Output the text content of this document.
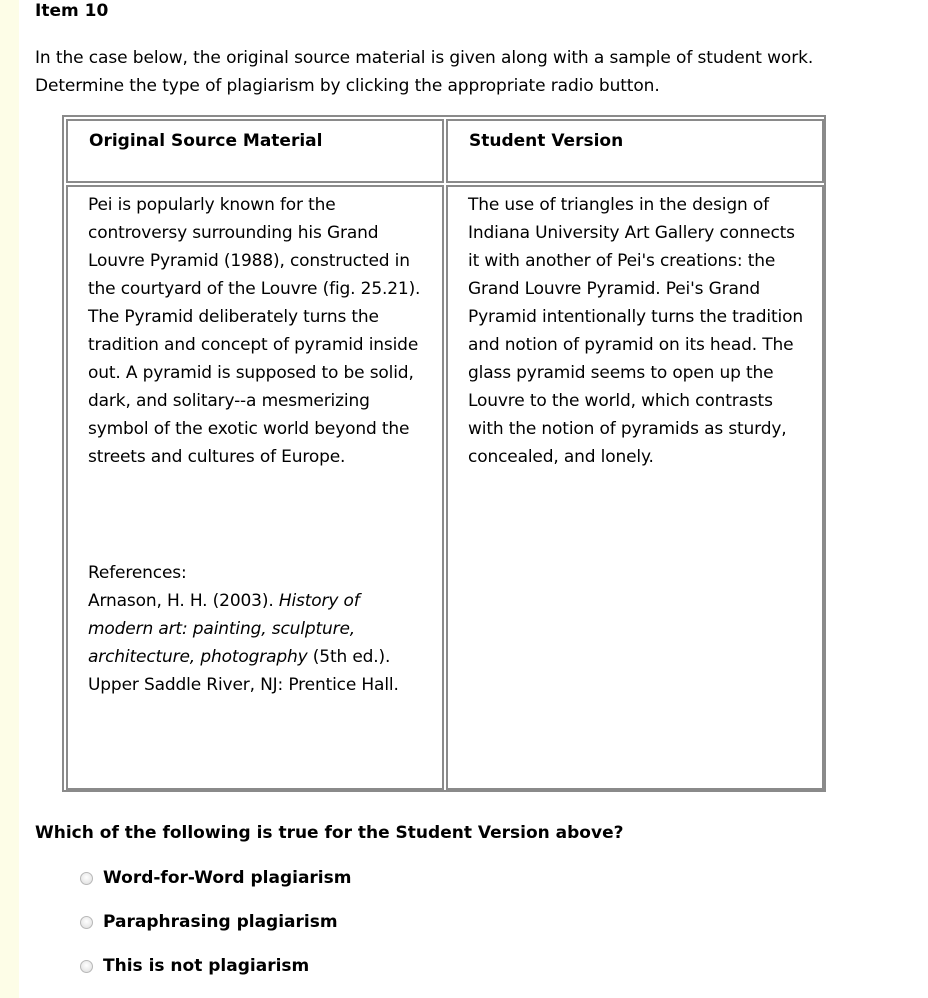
Item 10
In the case below, the original source material is given along with a sample of student work. Determine the type of plagiarism by clicking the appropriate radio button.
Original Source Material	Student Version

Pei is popularly known for the controversy surrounding his Grand Louvre Pyramid (1988), constructed in the courtyard of the Louvre (fig. 25.21). The Pyramid deliberately turns the tradition and concept of pyramid inside out. A pyramid is supposed to be solid, dark, and solitary--a mesmerizing symbol of the exotic world beyond the streets and cultures of Europe.

References:

Arnason, H. H. (2003). History of modern art: painting, sculpture, architecture, photography (5th ed.). Upper Saddle River, NJ: Prentice Hall.

The use of triangles in the design of Indiana University Art Gallery connects it with another of Pei's creations: the Grand Louvre Pyramid. Pei's Grand Pyramid intentionally turns the tradition and notion of pyramid on its head. The glass pyramid seems to open up the Louvre to the world, which contrasts with the notion of pyramids as sturdy, concealed, and lonely.

Which of the following is true for the Student Version above?
Word-for-Word plagiarism
Paraphrasing plagiarism
This is not plagiarism
